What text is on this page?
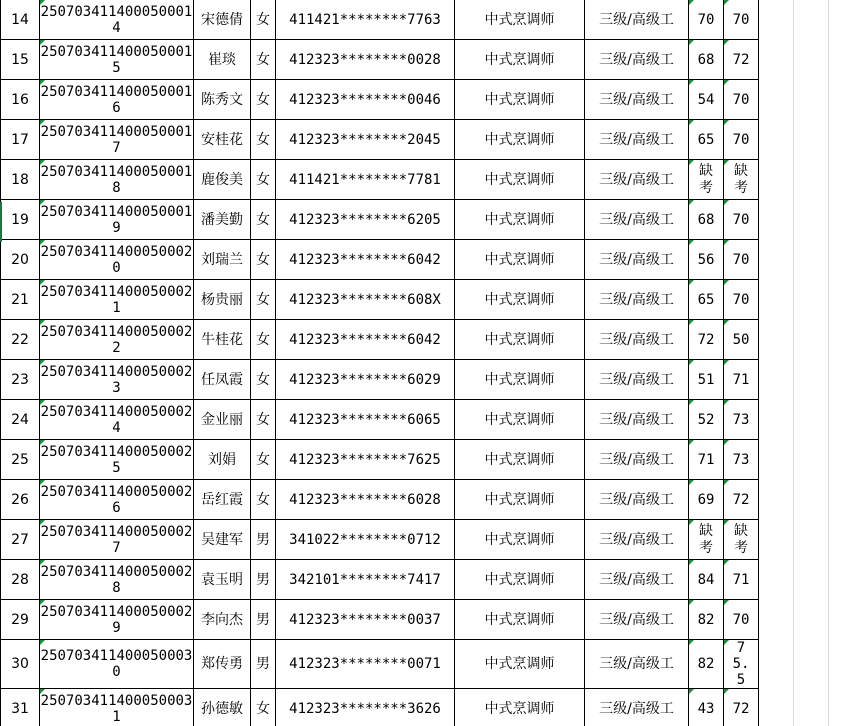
14	2507034114000500014	宋德倩	女	411421********7763	中式烹调师	三级/高级工	70	70

15	2507034114000500015	崔琰	女	412323********0028	中式烹调师	三级/高级工	68	72

16	2507034114000500016	陈秀文	女	412323********0046	中式烹调师	三级/高级工	54	70

17	2507034114000500017	安桂花	女	412323********2045	中式烹调师	三级/高级工	65	70

18	2507034114000500018	鹿俊美	女	411421********7781	中式烹调师	三级/高级工	缺考	缺考

19	2507034114000500019	潘美勤	女	412323********6205	中式烹调师	三级/高级工	68	70

20	2507034114000500020	刘瑞兰	女	412323********6042	中式烹调师	三级/高级工	56	70

21	2507034114000500021	杨贵丽	女	412323********608X	中式烹调师	三级/高级工	65	70

22	2507034114000500022	牛桂花	女	412323********6042	中式烹调师	三级/高级工	72	50

23	2507034114000500023	任凤霞	女	412323********6029	中式烹调师	三级/高级工	51	71

24	2507034114000500024	金业丽	女	412323********6065	中式烹调师	三级/高级工	52	73

25	2507034114000500025	刘娟	女	412323********7625	中式烹调师	三级/高级工	71	73

26	2507034114000500026	岳红霞	女	412323********6028	中式烹调师	三级/高级工	69	72

27	2507034114000500027	吴建军	男	341022********0712	中式烹调师	三级/高级工	缺考	缺考

28	2507034114000500028	袁玉明	男	342101********7417	中式烹调师	三级/高级工	84	71

29	2507034114000500029	李向杰	男	412323********0037	中式烹调师	三级/高级工	82	70

30	2507034114000500030	郑传勇	男	412323********0071	中式烹调师	三级/高级工	82	75.5

31	2507034114000500031	孙德敏	女	412323********3626	中式烹调师	三级/高级工	43	72
